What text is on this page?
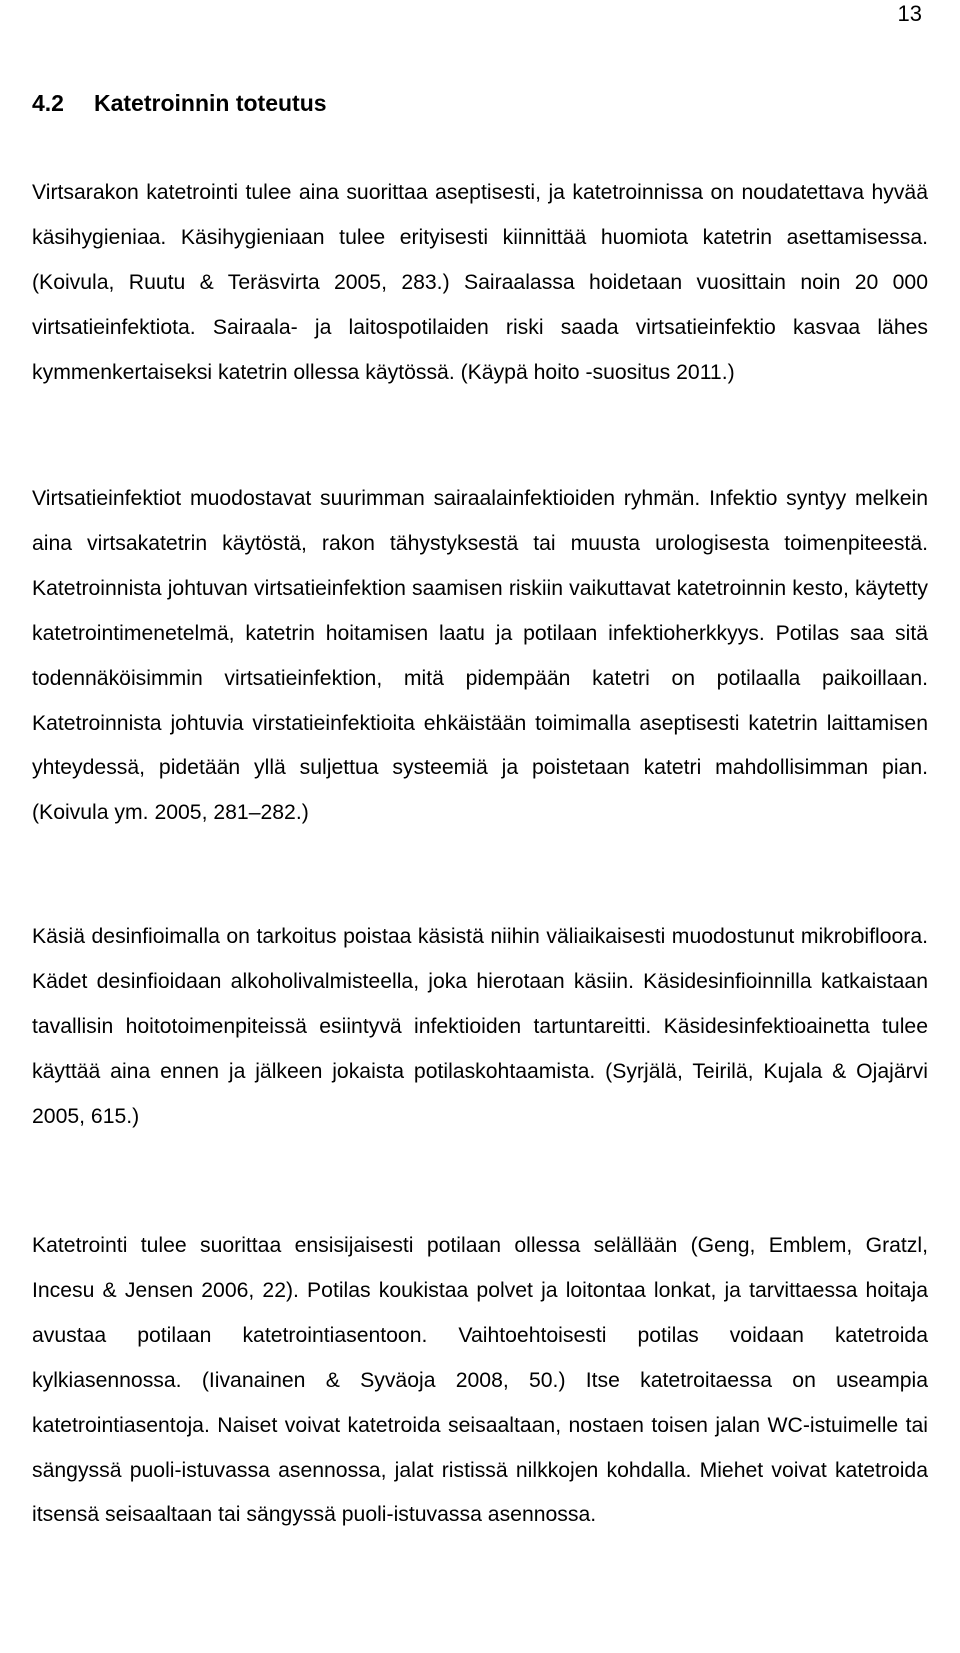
13
4.2 Katetroinnin toteutus

Virtsarakon katetrointi tulee aina suorittaa aseptisesti, ja katetroinnissa on noudatettava hyvää käsihygieniaa. Käsihygieniaan tulee erityisesti kiinnittää huomiota katetrin asettamisessa. (Koivula, Ruutu & Teräsvirta 2005, 283.) Sairaalassa hoidetaan vuosittain noin 20 000 virtsatieinfektiota. Sairaala- ja laitospotilaiden riski saada virtsatieinfektio kasvaa lähes kymmenkertaiseksi katetrin ollessa käytössä. (Käypä hoito -suositus 2011.)

Virtsatieinfektiot muodostavat suurimman sairaalainfektioiden ryhmän. Infektio syntyy melkein aina virtsakatetrin käytöstä, rakon tähystyksestä tai muusta urologisesta toimenpiteestä. Katetroinnista johtuvan virtsatieinfektion saamisen riskiin vaikuttavat katetroinnin kesto, käytetty katetrointimenetelmä, katetrin hoitamisen laatu ja potilaan infektioherkkyys. Potilas saa sitä todennäköisimmin virtsatieinfektion, mitä pidempään katetri on potilaalla paikoillaan. Katetroinnista johtuvia virstatieinfektioita ehkäistään toimimalla aseptisesti katetrin laittamisen yhteydessä, pidetään yllä suljettua systeemiä ja poistetaan katetri mahdollisimman pian. (Koivula ym. 2005, 281–282.)

Käsiä desinfioimalla on tarkoitus poistaa käsistä niihin väliaikaisesti muodostunut mikrobifloora. Kädet desinfioidaan alkoholivalmisteella, joka hierotaan käsiin. Käsidesinfioinnilla katkaistaan tavallisin hoitotoimenpiteissä esiintyvä infektioiden tartuntareitti. Käsidesinfektioainetta tulee käyttää aina ennen ja jälkeen jokaista potilaskohtaamista. (Syrjälä, Teirilä, Kujala & Ojajärvi 2005, 615.)

Katetrointi tulee suorittaa ensisijaisesti potilaan ollessa selällään (Geng, Emblem, Gratzl, Incesu & Jensen 2006, 22). Potilas koukistaa polvet ja loitontaa lonkat, ja tarvittaessa hoitaja avustaa potilaan katetrointiasentoon. Vaihtoehtoisesti potilas voidaan katetroida kylkiasennossa. (Iivanainen & Syväoja 2008, 50.) Itse katetroitaessa on useampia katetrointiasentoja. Naiset voivat katetroida seisaaltaan, nostaen toisen jalan WC-istuimelle tai sängyssä puoli-istuvassa asennossa, jalat ristissä nilkkojen kohdalla. Miehet voivat katetroida itsensä seisaaltaan tai sängyssä puoli-istuvassa asennossa.
